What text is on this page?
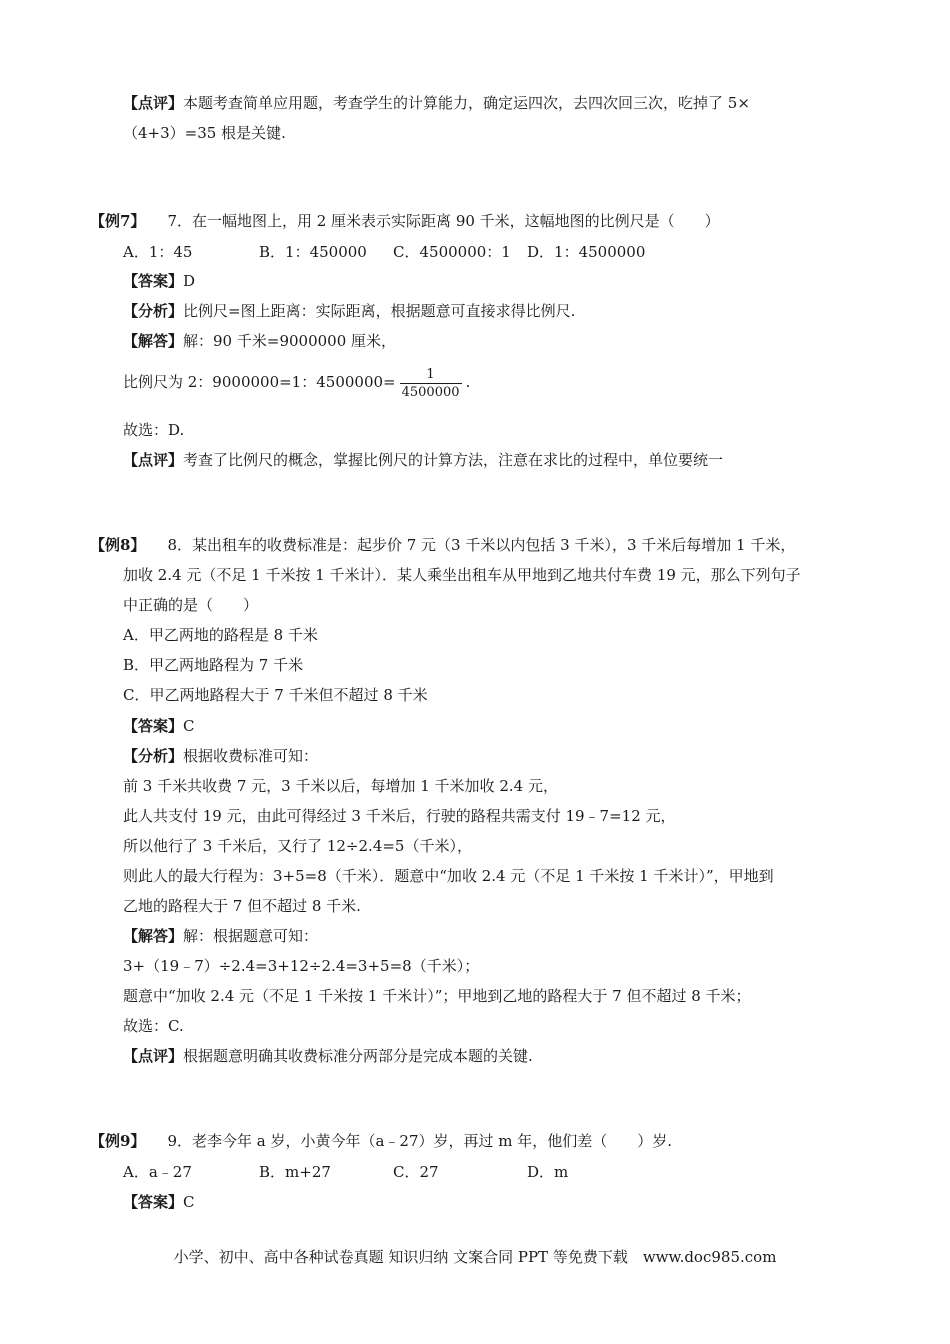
【点评】本题考查简单应用题，考查学生的计算能力，确定运四次，去四次回三次，吃掉了 5×
（4+3）=35 根是关键.
【例7】 7．在一幅地图上，用 2 厘米表示实际距离 90 千米，这幅地图的比例尺是（　　）
A．1：45	B．1：450000 C．4500000：1 D．1：4500000
【答案】D
【分析】比例尺=图上距离：实际距离，根据题意可直接求得比例尺.
【解答】解：90 千米=9000000 厘米，
比例尺为 2：9000000=1：$4500000= \frac{1}{4500000}$ .
故选：D.
【点评】考查了比例尺的概念，掌握比例尺的计算方法，注意在求比的过程中，单位要统一
【例8】 8．某出租车的收费标准是：起步价 7 元（3 千米以内包括 3 千米），3 千米后每增加 1 千米，
加收 2.4 元（不足 1 千米按 1 千米计）．某人乘坐出租车从甲地到乙地共付车费 19 元，那么下列句子
中正确的是（　　）
A．甲乙两地的路程是 8 千米
B．甲乙两地路程为 7 千米
C．甲乙两地路程大于 7 千米但不超过 8 千米
【答案】C
【分析】根据收费标准可知：
前 3 千米共收费 7 元，3 千米以后，每增加 1 千米加收 2.4 元，
此人共支付 19 元，由此可得经过 3 千米后，行驶的路程共需支付 19﹣7=12 元，
所以他行了 3 千米后，又行了 12÷2.4=5（千米），
则此人的最大行程为：3+5=8（千米）．题意中“加收 2.4 元（不足 1 千米按 1 千米计）”，甲地到
乙地的路程大于 7 但不超过 8 千米.
【解答】解：根据题意可知：
3+（19﹣7）÷2.4=3+12÷2.4=3+5=8（千米）；
题意中“加收 2.4 元（不足 1 千米按 1 千米计）”；甲地到乙地的路程大于 7 但不超过 8 千米；
故选：C.
【点评】根据题意明确其收费标准分两部分是完成本题的关键.
【例9】 9．老李今年 a 岁，小黄今年（a﹣27）岁，再过 m 年，他们差（　　）岁.
A．a﹣27	B．m+27	C．27	D．m
【答案】C
小学、初中、高中各种试卷真题 知识归纳 文案合同 PPT 等免费下载　www.doc985.com
